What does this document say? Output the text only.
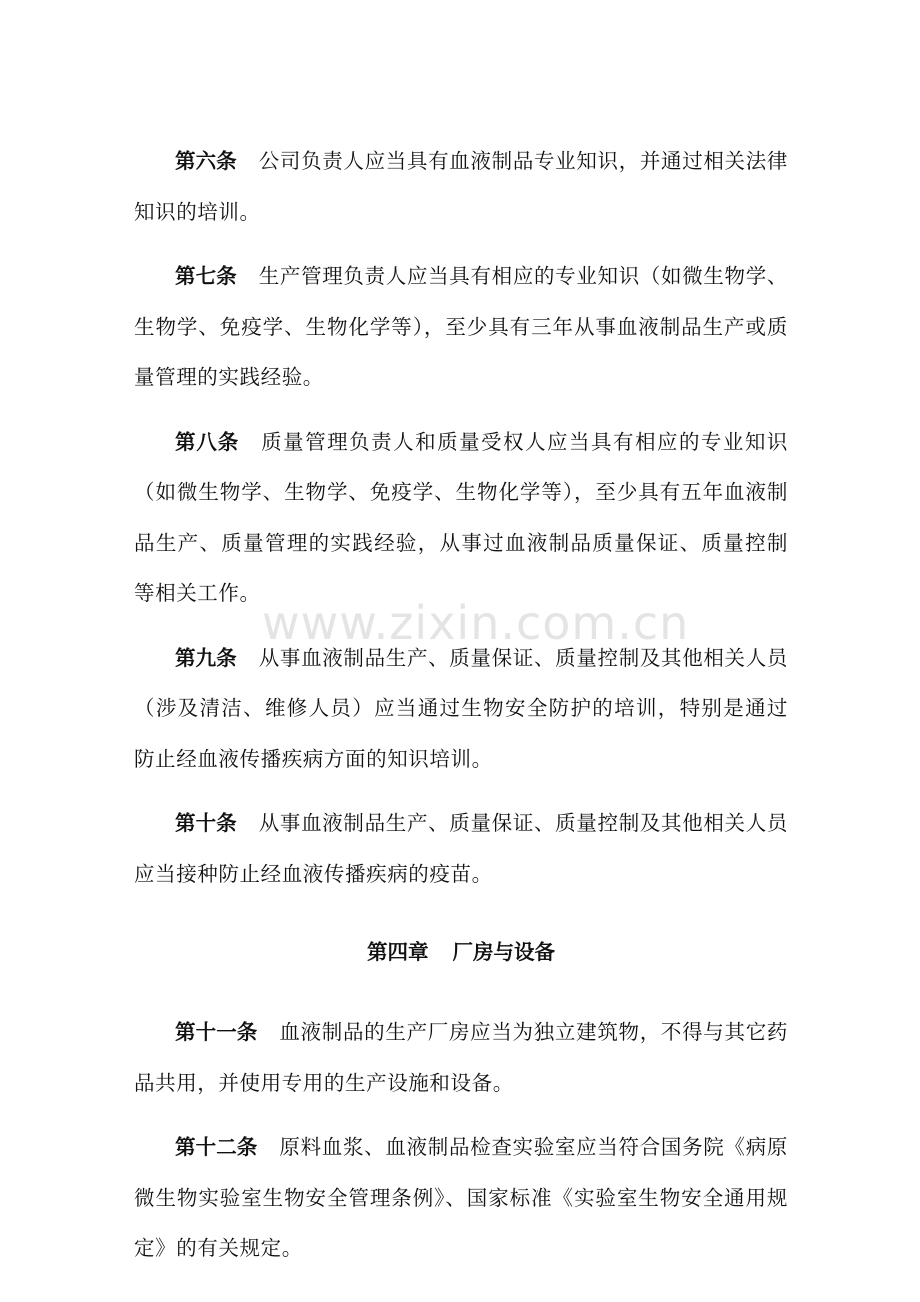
www.zixin.com.cn

第六条 公司负责人应当具有血液制品专业知识，并通过相关法律知识的培训。

第七条 生产管理负责人应当具有相应的专业知识（如微生物学、生物学、免疫学、生物化学等），至少具有三年从事血液制品生产或质量管理的实践经验。

第八条 质量管理负责人和质量受权人应当具有相应的专业知识（如微生物学、生物学、免疫学、生物化学等），至少具有五年血液制品生产、质量管理的实践经验，从事过血液制品质量保证、质量控制等相关工作。

第九条 从事血液制品生产、质量保证、质量控制及其他相关人员（涉及清洁、维修人员）应当通过生物安全防护的培训，特别是通过防止经血液传播疾病方面的知识培训。

第十条 从事血液制品生产、质量保证、质量控制及其他相关人员应当接种防止经血液传播疾病的疫苗。

第四章 厂房与设备

第十一条 血液制品的生产厂房应当为独立建筑物，不得与其它药品共用，并使用专用的生产设施和设备。

第十二条 原料血浆、血液制品检查实验室应当符合国务院《病原微生物实验室生物安全管理条例》、国家标准《实验室生物安全通用规定》的有关规定。
